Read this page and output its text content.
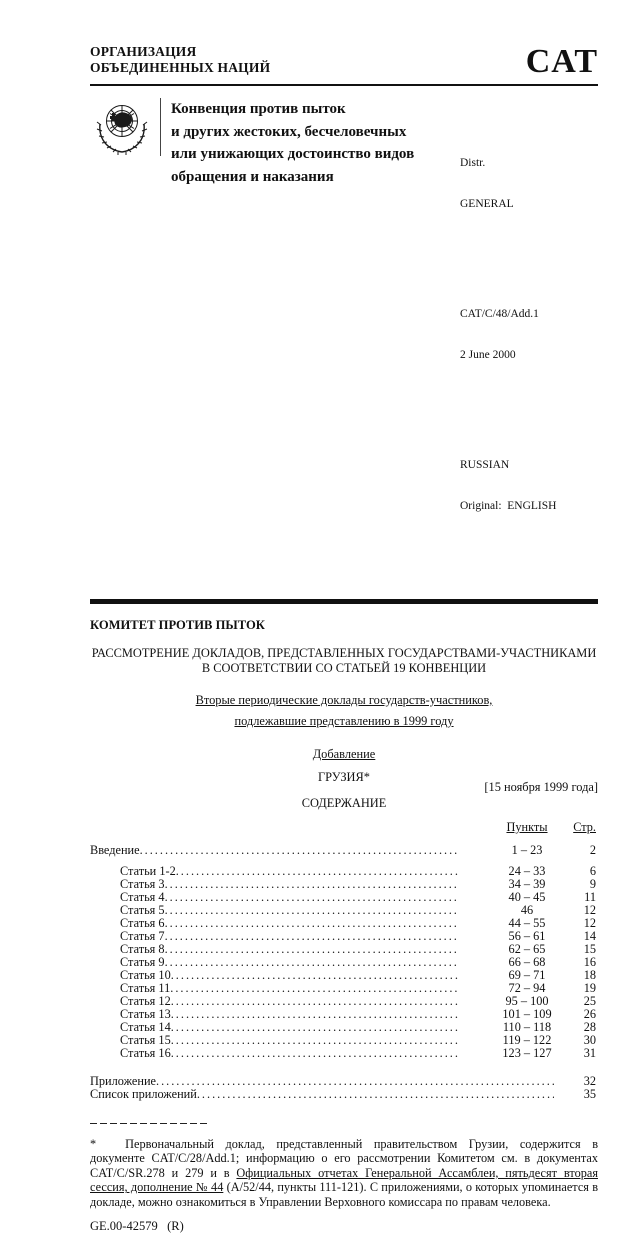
ОРГАНИЗАЦИЯ
ОБЪЕДИНЕННЫХ НАЦИЙ	CAT
Конвенция против пыток
и других жестоких, бесчеловечных
или унижающих достоинство видов
обращения и наказания

Distr.

GENERAL

CAT/C/48/Add.1

2 June 2000

RUSSIAN

Original:  ENGLISH

КОМИТЕТ ПРОТИВ ПЫТОК
РАССМОТРЕНИЕ ДОКЛАДОВ, ПРЕДСТАВЛЕННЫХ ГОСУДАРСТВАМИ-УЧАСТНИКАМИ
В СООТВЕТСТВИИ СО СТАТЬЕЙ 19 КОНВЕНЦИИ
Вторые периодические доклады государств-участников,
подлежавшие представлению в 1999 году
Добавление
ГРУЗИЯ*
[15 ноября 1999 года]
СОДЕРЖАНИЕ
Пункты	Стр.
Введение .....	1 – 23	2
Статьи 1-2 .....	24 – 33	6
Статья 3 .....	34 – 39	9
Статья 4 .....	40 – 45	11
Статья 5 .....	46	12
Статья 6 .....	44 – 55	12
Статья 7 .....	56 – 61	14
Статья 8 .....	62 – 65	15
Статья 9 .....	66 – 68	16
Статья 10 .....	69 – 71	18
Статья 11 .....	72 – 94	19
Статья 12 .....	95 – 100	25
Статья 13 .....	101 – 109	26
Статья 14 .....	110 – 118	28
Статья 15 .....	119 – 122	30
Статья 16 .....	123 – 127	31
Приложение .....	32
Список приложений .....	35
* Первоначальный доклад, представленный правительством Грузии, содержится в документе CAT/C/28/Add.1; информацию о его рассмотрении Комитетом см. в документах CAT/C/SR.278 и 279 и в Официальных отчетах Генеральной Ассамблеи, пятьдесят вторая сессия, дополнение № 44 (A/52/44, пункты 111-121). С приложениями, о которых упоминается в докладе, можно ознакомиться в Управлении Верховного комиссара по правам человека.
GE.00-42579   (R)
